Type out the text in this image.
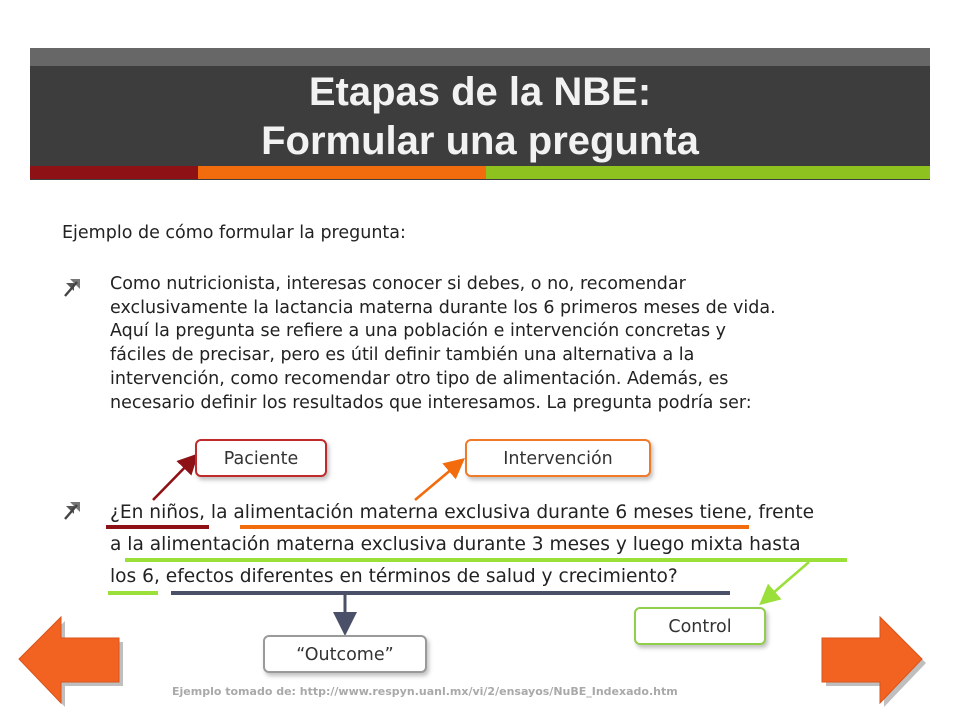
Etapas de la NBE:
Formular una pregunta
Ejemplo de cómo formular la pregunta:
Como nutricionista, interesas conocer si debes, o no, recomendar
exclusivamente la lactancia materna durante los 6 primeros meses de vida.
Aquí la pregunta se refiere a una población e intervención concretas y
fáciles de precisar, pero es útil definir también una alternativa a la
intervención, como recomendar otro tipo de alimentación. Además, es
necesario definir los resultados que interesamos. La pregunta podría ser:
¿En niños, la alimentación materna exclusiva durante 6 meses tiene, frente
a la alimentación materna exclusiva durante 3 meses y luego mixta hasta
los 6, efectos diferentes en términos de salud y crecimiento?
Paciente	Intervención
Control
“Outcome”
Ejemplo tomado de: http://www.respyn.uanl.mx/vi/2/ensayos/NuBE_Indexado.htm
